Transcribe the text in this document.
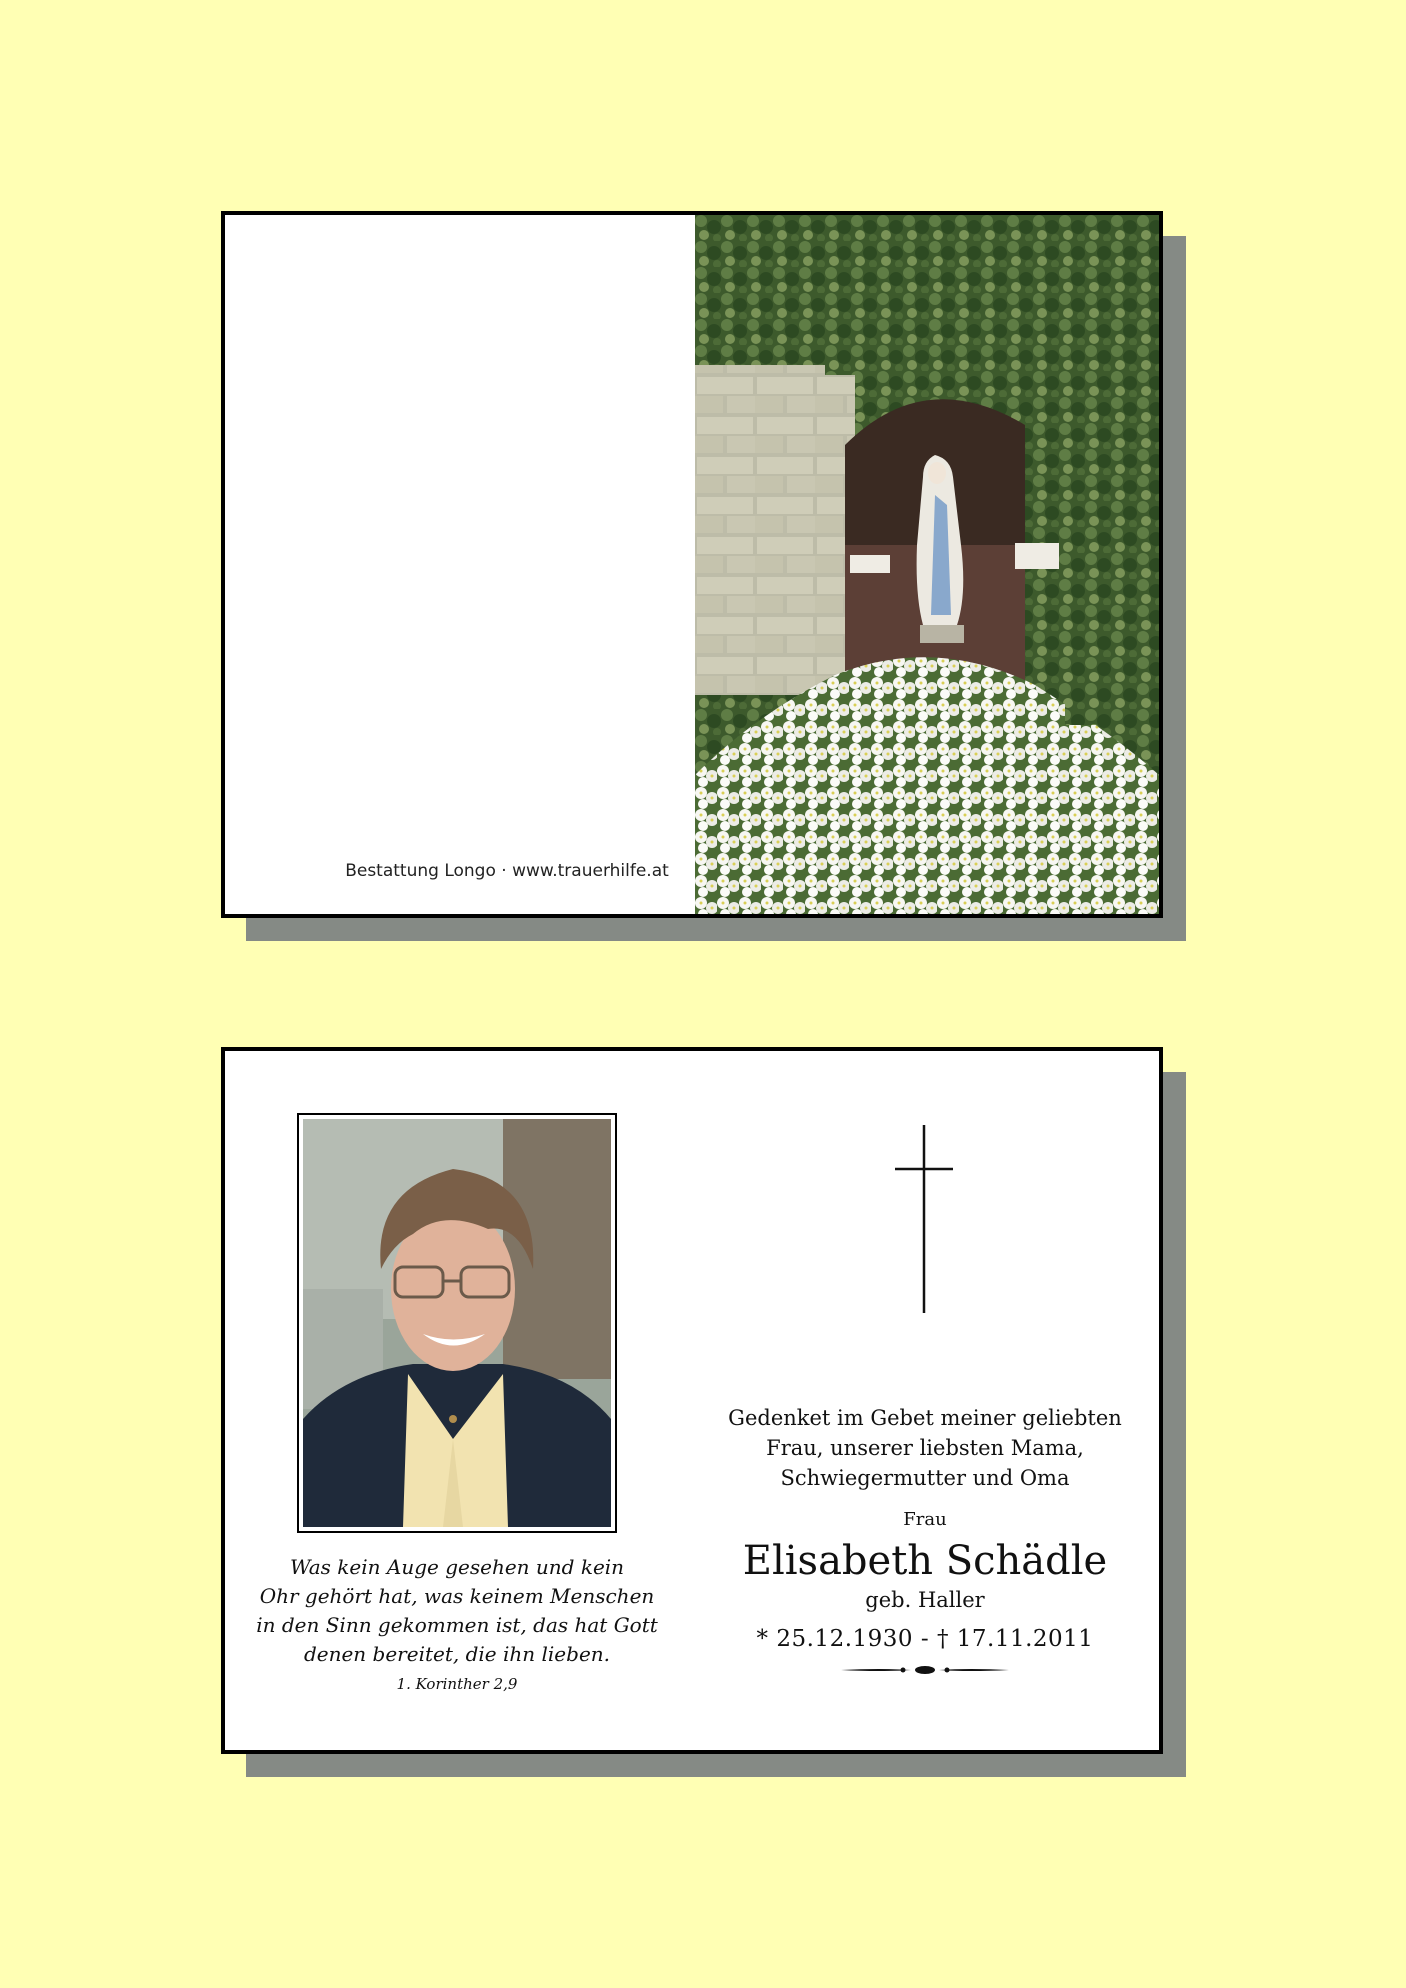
Bestattung Longo · www.trauerhilfe.at
Was kein Auge gesehen und kein
Ohr gehört hat, was keinem Menschen
in den Sinn gekommen ist, das hat Gott
denen bereitet, die ihn lieben.
1. Korinther 2,9
Gedenket im Gebet meiner geliebten
Frau, unserer liebsten Mama,
Schwiegermutter und Oma
Frau
Elisabeth Schädle
geb. Haller
* 25.12.1930 - † 17.11.2011
